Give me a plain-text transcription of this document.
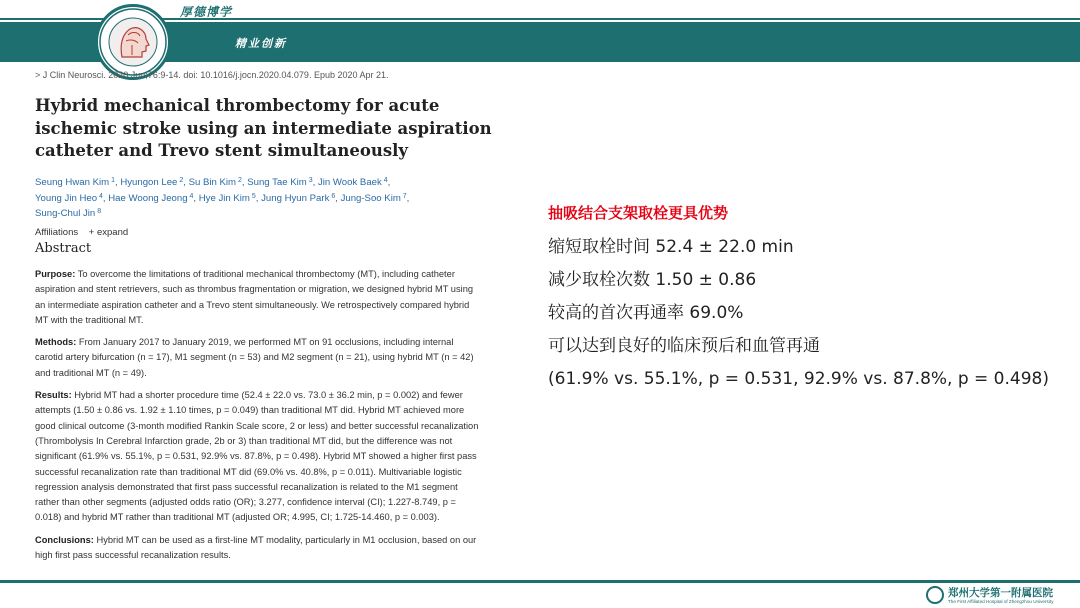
厚德博学
精业创新
> J Clin Neurosci. 2020 Jun;76:9-14. doi: 10.1016/j.jocn.2020.04.079. Epub 2020 Apr 21.
Hybrid mechanical thrombectomy for acute ischemic stroke using an intermediate aspiration catheter and Trevo stent simultaneously
Seung Hwan Kim $^1$, Hyungon Lee $^2$, Su Bin Kim $^2$, Sung Tae Kim $^3$, Jin Wook Baek $^4$, Young Jin Heo $^4$, Hae Woong Jeong $^4$, Hye Jin Kim $^5$, Jung Hyun Park $^6$, Jung-Soo Kim $^7$, Sung-Chul Jin $^8$
Affiliations + expand
Abstract

Purpose: To overcome the limitations of traditional mechanical thrombectomy (MT), including catheter aspiration and stent retrievers, such as thrombus fragmentation or migration, we designed hybrid MT using an intermediate aspiration catheter and a Trevo stent simultaneously. We retrospectively compared hybrid MT with the traditional MT.

Methods: From January 2017 to January 2019, we performed MT on 91 occlusions, including internal carotid artery bifurcation (n = 17), M1 segment (n = 53) and M2 segment (n = 21), using hybrid MT (n = 42) and traditional MT (n = 49).

Results: Hybrid MT had a shorter procedure time (52.4 ± 22.0 vs. 73.0 ± 36.2 min, p = 0.002) and fewer attempts (1.50 ± 0.86 vs. 1.92 ± 1.10 times, p = 0.049) than traditional MT did. Hybrid MT achieved more good clinical outcome (3-month modified Rankin Scale score, 2 or less) and better successful recanalization (Thrombolysis In Cerebral Infarction grade, 2b or 3) than traditional MT did, but the difference was not significant (61.9% vs. 55.1%, p = 0.531, 92.9% vs. 87.8%, p = 0.498). Hybrid MT showed a higher first pass successful recanalization rate than traditional MT did (69.0% vs. 40.8%, p = 0.011). Multivariable logistic regression analysis demonstrated that first pass successful recanalization is related to the M1 segment rather than other segments (adjusted odds ratio (OR); 3.277, confidence interval (CI); 1.227-8.749, p = 0.018) and hybrid MT rather than traditional MT (adjusted OR; 4.995, CI; 1.725-14.460, p = 0.003).

Conclusions: Hybrid MT can be used as a first-line MT modality, particularly in M1 occlusion, based on our high first pass successful recanalization results.

抽吸结合支架取栓更具优势
缩短取栓时间 52.4 ± 22.0 min
减少取栓次数 1.50 ± 0.86
较高的首次再通率 69.0%
可以达到良好的临床预后和血管再通
(61.9% vs. 55.1%, p = 0.531, 92.9% vs. 87.8%, p = 0.498)
郑州大学第一附属医院
The First Affiliated Hospital of Zhengzhou University
